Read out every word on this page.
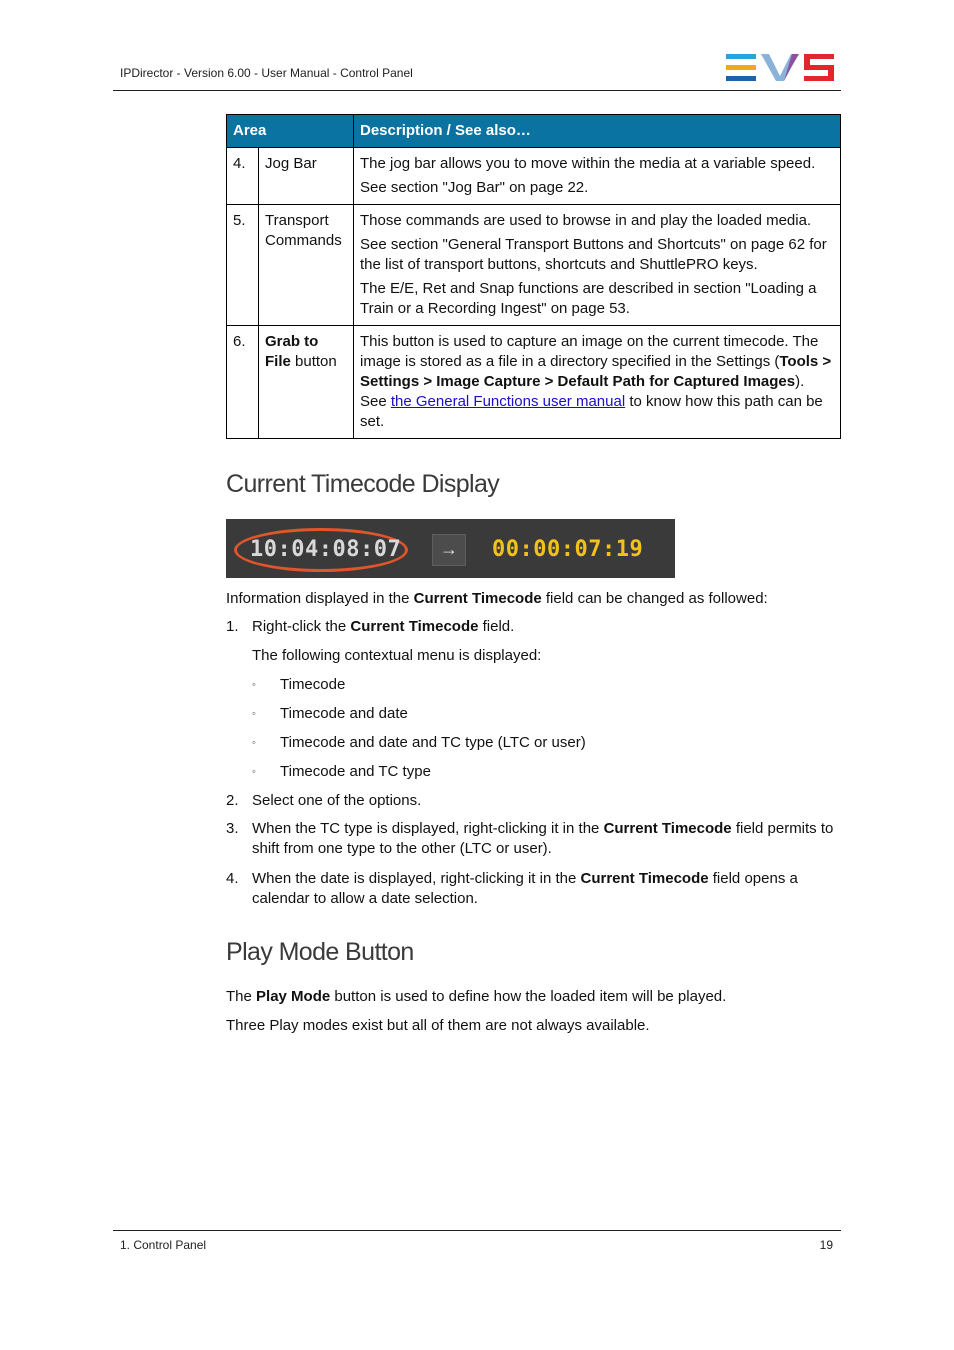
IPDirector - Version 6.00 - User Manual - Control Panel
Area		Description / See also…
4.	Jog Bar	The jog bar allows you to move within the media at a variable speed.

See section "Jog Bar" on page 22.

5.	Transport Commands	Those commands are used to browse in and play the loaded media.

See section "General Transport Buttons and Shortcuts" on page 62 for the list of transport buttons, shortcuts and ShuttlePRO keys.

The E/E, Ret and Snap functions are described in section "Loading a Train or a Recording Ingest" on page 53.

6.	Grab to File button	This button is used to capture an image on the current timecode. The image is stored as a file in a directory specified in the Settings (Tools > Settings > Image Capture > Default Path for Captured Images). See the General Functions user manual to know how this path can be set.
Current Timecode Display
10:04:08:07	→	00:00:07:19
Information displayed in the Current Timecode field can be changed as followed:
1. Right-click the Current Timecode field.
The following contextual menu is displayed:
◦ Timecode
◦ Timecode and date
◦ Timecode and date and TC type (LTC or user)
◦ Timecode and TC type
2. Select one of the options.
3. When the TC type is displayed, right-clicking it in the Current Timecode field permits to shift from one type to the other (LTC or user).
4. When the date is displayed, right-clicking it in the Current Timecode field opens a calendar to allow a date selection.
Play Mode Button
The Play Mode button is used to define how the loaded item will be played.
Three Play modes exist but all of them are not always available.
1. Control Panel	19
